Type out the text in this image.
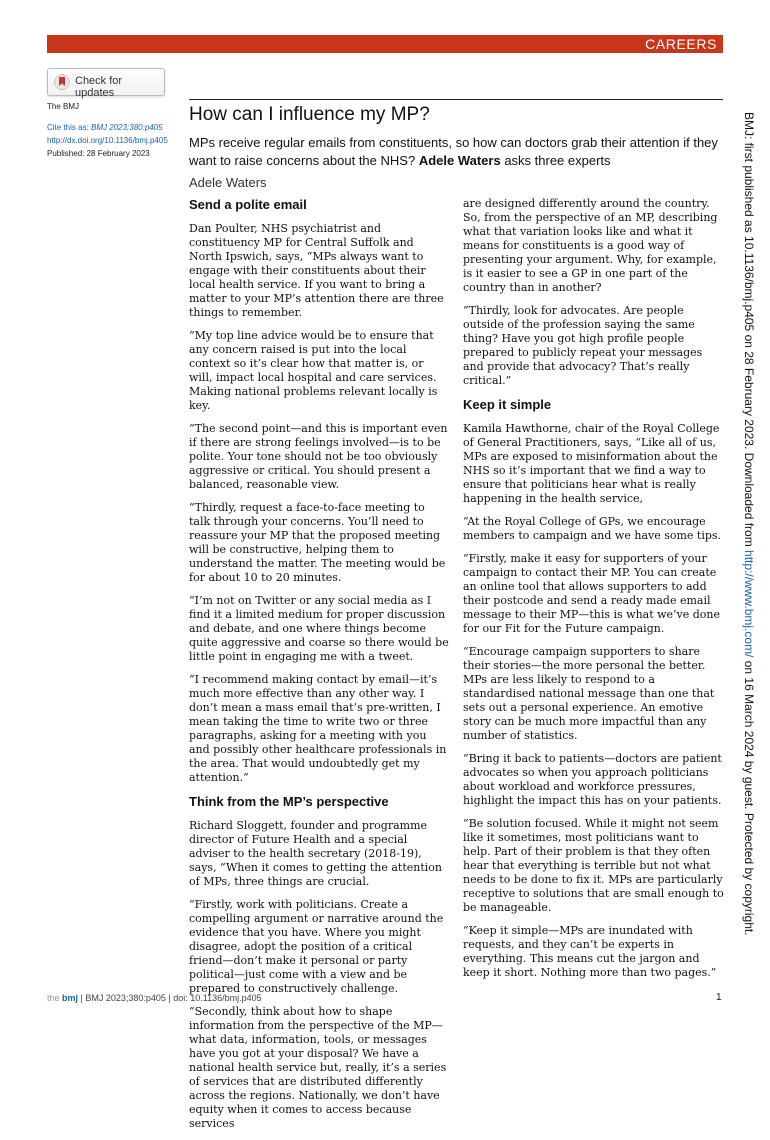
CAREERS
Check for updates
The BMJ
Cite this as: BMJ 2023;380:p405
http://dx.doi.org/10.1136/bmj.p405
Published: 28 February 2023
How can I influence my MP?

MPs receive regular emails from constituents, so how can doctors grab their attention if they want to raise concerns about the NHS? Adele Waters asks three experts

Adele Waters
Send a polite email

Dan Poulter, NHS psychiatrist and constituency MP for Central Suffolk and North Ipswich, says, “MPs always want to engage with their constituents about their local health service. If you want to bring a matter to your MP’s attention there are three things to remember.

“My top line advice would be to ensure that any concern raised is put into the local context so it’s clear how that matter is, or will, impact local hospital and care services. Making national problems relevant locally is key.

“The second point—and this is important even if there are strong feelings involved—is to be polite. Your tone should not be too obviously aggressive or critical. You should present a balanced, reasonable view.

“Thirdly, request a face-to-face meeting to talk through your concerns. You’ll need to reassure your MP that the proposed meeting will be constructive, helping them to understand the matter. The meeting would be for about 10 to 20 minutes.

“I’m not on Twitter or any social media as I find it a limited medium for proper discussion and debate, and one where things become quite aggressive and coarse so there would be little point in engaging me with a tweet.

“I recommend making contact by email—it’s much more effective than any other way. I don’t mean a mass email that’s pre-written, I mean taking the time to write two or three paragraphs, asking for a meeting with you and possibly other healthcare professionals in the area. That would undoubtedly get my attention.”

Think from the MP’s perspective

Richard Sloggett, founder and programme director of Future Health and a special adviser to the health secretary (2018-19), says, “When it comes to getting the attention of MPs, three things are crucial.

“Firstly, work with politicians. Create a compelling argument or narrative around the evidence that you have. Where you might disagree, adopt the position of a critical friend—don’t make it personal or party political—just come with a view and be prepared to constructively challenge.

“Secondly, think about how to shape information from the perspective of the MP—what data, information, tools, or messages have you got at your disposal? We have a national health service but, really, it’s a series of services that are distributed differently across the regions. Nationally, we don’t have equity when it comes to access because services

are designed differently around the country. So, from the perspective of an MP, describing what that variation looks like and what it means for constituents is a good way of presenting your argument. Why, for example, is it easier to see a GP in one part of the country than in another?

“Thirdly, look for advocates. Are people outside of the profession saying the same thing? Have you got high profile people prepared to publicly repeat your messages and provide that advocacy? That’s really critical.”

Keep it simple

Kamila Hawthorne, chair of the Royal College of General Practitioners, says, “Like all of us, MPs are exposed to misinformation about the NHS so it’s important that we find a way to ensure that politicians hear what is really happening in the health service,

“At the Royal College of GPs, we encourage members to campaign and we have some tips.

“Firstly, make it easy for supporters of your campaign to contact their MP. You can create an online tool that allows supporters to add their postcode and send a ready made email message to their MP—this is what we’ve done for our Fit for the Future campaign.

“Encourage campaign supporters to share their stories—the more personal the better. MPs are less likely to respond to a standardised national message than one that sets out a personal experience. An emotive story can be much more impactful than any number of statistics.

“Bring it back to patients—doctors are patient advocates so when you approach politicians about workload and workforce pressures, highlight the impact this has on your patients.

“Be solution focused. While it might not seem like it sometimes, most politicians want to help. Part of their problem is that they often hear that everything is terrible but not what needs to be done to fix it. MPs are particularly receptive to solutions that are small enough to be manageable.

“Keep it simple—MPs are inundated with requests, and they can’t be experts in everything. This means cut the jargon and keep it short. Nothing more than two pages.”

the bmj | BMJ 2023;380:p405 | doi: 10.1136/bmj.p405	1
BMJ: first published as 10.1136/bmj.p405 on 28 February 2023. Downloaded from http://www.bmj.com/ on 16 March 2024 by guest. Protected by copyright.
